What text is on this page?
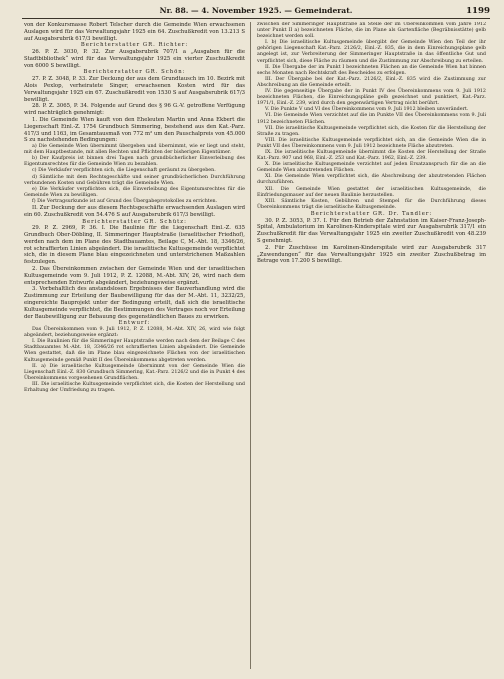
Nr. 88. — 4. November 1925. — Gemeinderat.	1199

von der Konkursmasse Robert Telscher durch die Gemeinde Wien erwachsenen Auslagen wird für das Verwaltungsjahr 1925 ein 64. Zuschußkredit von 13.213 S auf Ausgabsrubrik 617/3 bewilligt.

Berichterstatter GR. Richter:

26. P. Z. 3030, P. 32. Zur Ausgabsrubrik 707/1 a „Ausgaben für die Stadtbibliothek“ wird für das Verwaltungsjahr 1925 ein vierter Zuschußkredit von 6000 S bewilligt.

Berichterstatter GR. Schön:

27. P. Z. 3048, P. 33. Zur Deckung der aus dem Grundtausch im 10. Bezirk mit Alois Pexlop, verheiratete Singer, erwachsenen Kosten wird für das Verwaltungsjahr 1925 ein 67. Zuschußkredit von 1530 S auf Ausgabsrubrik 617/3 bewilligt.

28. P. Z. 3065, P. 34. Folgende auf Grund des § 96 G.-V. getroffene Verfügung wird nachträglich genehmigt:

1. Die Gemeinde Wien kauft von den Eheleuten Martin und Anna Ekbert die Liegenschaft Einl.-Z. 1754 Grundbuch Simmering, bestehend aus den Kat.-Parz. 417/3 und 1163, im Gesamtausmaß von 772 m² um den Pauschalpreis von 45.000 S zu nachstehenden Bedingungen:

a) Die Gemeinde Wien übernimmt übergeben und übernimmt, wie er liegt und steht, mit dem Hauptbestande, mit allen Rechten und Pflichten der bisherigen Eigentümer.

b) Der Kaufpreis ist binnen drei Tagen nach grundbücherlicher Einverleibung des Eigentumsrechtes für die Gemeinde Wien zu bezahlen.

c) Die Verkäufer verpflichten sich, die Liegenschaft geräumt zu übergeben.

d) Sämtliche mit dem Rechtsgeschäfte und seiner grundbücherlichen Durchführung verbundenen Kosten und Gebühren trägt die Gemeinde Wien.

e) Die Verkäufer verpflichten sich, die Einverleibung des Eigentumsrechtes für die Gemeinde Wien zu bewilligen.

f) Die Vertragsurkunde ist auf Grund des Übergabeprotokolles zu errichten.

II. Zur Deckung der aus diesem Rechtsgeschäfte erwachsenden Auslagen wird ein 60. Zuschußkredit von 54.476 S auf Ausgabsrubrik 617/3 bewilligt.

Berichterstatter GR. Schütz:

29. P. Z. 2969, P. 36. I. Die Baulinie für die Liegenschaft Einl.-Z. 635 Grundbuch Ober-Döbling, II. Simmeringer Hauptstraße (israelitischer Friedhof), werden nach dem im Plane des Stadtbauamtes, Beilage C, M.-Abt. 18, 3346/26, rot schraffierten Linien abgeändert. Die israelitische Kultusgemeinde verpflichtet sich, die in diesem Plane blau eingezeichneten und unterstrichenen Maßzahlen festzulegen.

2. Das Übereinkommen zwischen der Gemeinde Wien und der israelitischen Kultusgemeinde vom 9. Juli 1912, P. Z. 12088, M.-Abt. XIV, 26, wird nach dem entsprechenden Entwurfe abgeändert, beziehungsweise ergänzt.

3. Vorbehaltlich des anstandslosen Ergebnisses der Bauverhandlung wird die Zustimmung zur Erteilung der Baubewilligung für das der M.-Abt. 11, 3232/25, eingereichte Bauprojekt unter der Bedingung erteilt, daß sich die israelitische Kultusgemeinde verpflichtet, die Bestimmungen des Vertrages noch vor Erteilung der Baubewilligung zur Bebauung des gegenständlichen Baues zu erwirken.

Entwurf:

Das Übereinkommen vom 9. Juli 1912, P. Z. 12088, M.-Abt. XIV, 26, wird wie folgt abgeändert, beziehungsweise ergänzt:

I. Die Baulinien für die Simmeringer Hauptstraße werden nach dem der Beilage C des Stadtbauamtes M.-Abt. 18, 3346/26 rot schraffierten Linien abgeändert. Die Gemeinde Wien gestattet, daß die im Plane blau eingezeichnete Flächen von der israelitischen Kultusgemeinde gemäß Punkt II des Übereinkommens abgetreten werden.

II. a) Die israelitische Kultusgemeinde übernimmt von der Gemeinde Wien die Liegenschaft Einl.-Z. 830 Grundbuch Simmering, Kat.-Parz. 2126/2 und die in Punkt 4 des Übereinkommens vorgesehenen Grundflächen.

III. Die israelitische Kultusgemeinde verpflichtet sich, die Kosten der Herstellung und Erhaltung der Umfriedung zu tragen.

zwischen der Simmeringer Hauptstraße an Stelle der im Übereinkommen vom Jahre 1912 unter Punkt II a) bezeichneten Fläche, die im Plane als Gartenfläche (Begräbnisstätte) gelb bezeichnet werden soll.

I. b) Die israelitische Kultusgemeinde übergibt der Gemeinde Wien den Teil der ihr gehörigen Liegenschaft Kat.-Parz. 2126/2, Einl.-Z. 835, die in dem Einreichungsplane gelb angelegt ist, zur Verbreiterung der Simmeringer Hauptstraße in das öffentliche Gut und verpflichtet sich, diese Fläche zu räumen und die Zustimmung zur Abschreibung zu erteilen.

II. Die Übergabe der im Punkt I bezeichneten Flächen an die Gemeinde Wien hat binnen sechs Monaten nach Rechtskraft des Bescheides zu erfolgen.

III. Der Übergabe bei der Kat.-Parz. 2126/2, Einl.-Z. 835 wird die Zustimmung zur Abschreibung an die Gemeinde erteilt.

IV. Die gegenseitige Übergabe der in Punkt IV des Übereinkommens vom 9. Juli 1912 bezeichneten Flächen, die Einreichungspläne gelb gezeichnet und punktiert, Kat.-Parz. 1971/1, Einl.-Z. 239, wird durch den gegenwärtigen Vertrag nicht berührt.

V. Die Punkte V und VI des Übereinkommens vom 9. Juli 1912 bleiben unverändert.

VI. Die Gemeinde Wien verzichtet auf die im Punkte VII des Übereinkommens vom 9. Juli 1912 bezeichneten Flächen.

VII. Die israelitische Kultusgemeinde verpflichtet sich, die Kosten für die Herstellung der Straße zu tragen.

VIII. Die israelitische Kultusgemeinde verpflichtet sich, an die Gemeinde Wien die in Punkt VII des Übereinkommens vom 9. Juli 1912 bezeichnete Fläche abzutreten.

IX. Die israelitische Kultusgemeinde übernimmt die Kosten der Herstellung der Straße Kat.-Parz. 907 und 968, Einl.-Z. 253 und Kat.-Parz. 1962, Einl.-Z. 239.

X. Die israelitische Kultusgemeinde verzichtet auf jeden Ersatzanspruch für die an die Gemeinde Wien abzutretenden Flächen.

XI. Die Gemeinde Wien verpflichtet sich, die Abschreibung der abzutretenden Flächen durchzuführen.

XII. Die Gemeinde Wien gestattet der israelitischen Kultusgemeinde, die Einfriedungsmauer auf der neuen Baulinie herzustellen.

XIII. Sämtliche Kosten, Gebühren und Stempel für die Durchführung dieses Übereinkommens trägt die israelitische Kultusgemeinde.

Berichterstatter GR. Dr. Tandler:

30. P. Z. 3053, P. 37. I. Für den Betrieb der Zahnstation im Kaiser-Franz-Joseph-Spital, Ambulatorium im Karolinen-Kinderspitale wird zur Ausgabsrubrik 317/1 ein Zuschußkredit für das Verwaltungsjahr 1925 ein zweiter Zuschußkredit von 48.239 S genehmigt.

2. Für Zuschüsse im Karolinen-Kinderspitale wird zur Ausgabsrubrik 317 „Zuwendungen“ für das Verwaltungsjahr 1925 ein zweiter Zuschußbetrag im Betrage von 17.200 S bewilligt.
